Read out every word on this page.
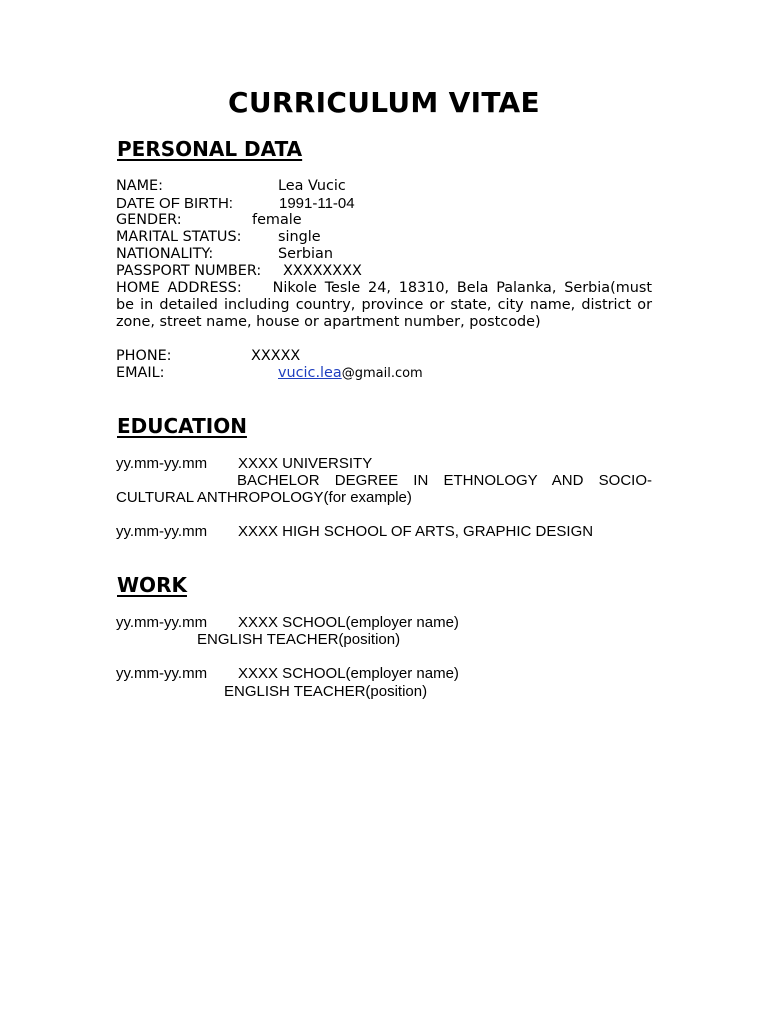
CURRICULUM VITAE
PERSONAL DATA
NAME:	Lea Vucic
DATE OF BIRTH:	1991-11-04
GENDER:	female
MARITAL STATUS:	single
NATIONALITY:	Serbian
PASSPORT NUMBER: XXXXXXXX
HOME ADDRESS: Nikole Tesle 24, 18310, Bela Palanka, Serbia(must be in detailed including country, province or state, city name, district or zone, street name, house or apartment number, postcode)
PHONE:	XXXXX
EMAIL:	vucic.lea@gmail.com
EDUCATION
yy.mm-yy.mm XXXX UNIVERSITY
BACHELOR DEGREE IN ETHNOLOGY AND SOCIO-
CULTURAL ANTHROPOLOGY(for example)
yy.mm-yy.mm XXXX HIGH SCHOOL OF ARTS, GRAPHIC DESIGN
WORK
yy.mm-yy.mm XXXX SCHOOL(employer name)
ENGLISH TEACHER(position)
yy.mm-yy.mm XXXX SCHOOL(employer name)
ENGLISH TEACHER(position)
